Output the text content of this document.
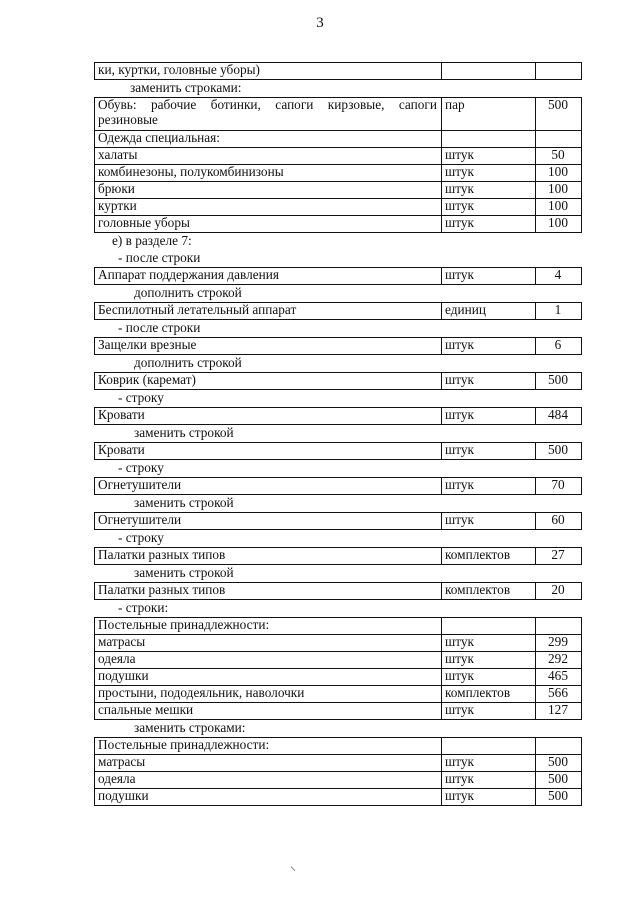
3
ки, куртки, головные уборы)		
заменить строками:
Обувь: рабочие ботинки, сапоги кирзовые, сапоги резиновые	пар	500
Одежда специальная:		
халаты	штук	50
комбинезоны, полукомбинизоны	штук	100
брюки	штук	100
куртки	штук	100
головные уборы	штук	100
е) в разделе 7:
- после строки
Аппарат поддержания давления	штук	4
дополнить строкой
Беспилотный летательный аппарат	единиц	1
- после строки
Защелки врезные	штук	6
дополнить строкой
Коврик (каремат)	штук	500
- строку
Кровати	штук	484
заменить строкой
Кровати	штук	500
- строку
Огнетушители	штук	70
заменить строкой
Огнетушители	штук	60
- строку
Палатки разных типов	комплектов	27
заменить строкой
Палатки разных типов	комплектов	20
- строки:
Постельные принадлежности:		
матрасы	штук	299
одеяла	штук	292
подушки	штук	465
простыни, пододеяльник, наволочки	комплектов	566
спальные мешки	штук	127
заменить строками:
Постельные принадлежности:		
матрасы	штук	500
одеяла	штук	500
подушки	штук	500
⸌
